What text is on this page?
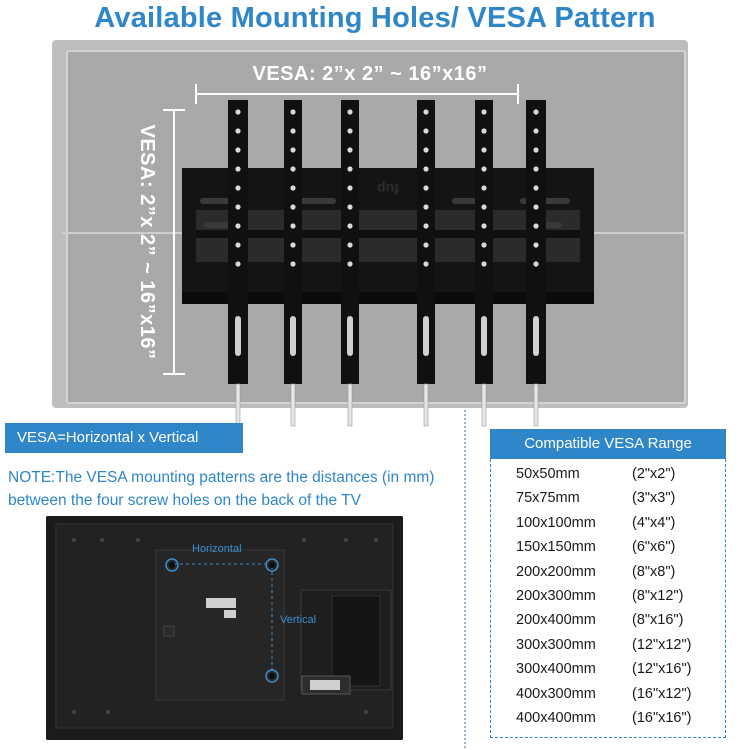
Available Mounting Holes/ VESA Pattern
fup
VESA: 2”x 2” ~ 16”x16”
VESA: 2”x 2” ~ 16”x16”
VESA=Horizontal x Vertical
NOTE:The VESA mounting patterns are the distances (in mm) between the four screw holes on the back of the TV
Horizontal
Vertical
Compatible VESA Range
50x50mm	(2"x2")
75x75mm	(3"x3")
100x100mm (4"x4")
150x150mm (6"x6")
200x200mm (8"x8")
200x300mm (8"x12")
200x400mm (8"x16")
300x300mm (12"x12")
300x400mm (12"x16")
400x300mm (16"x12")
400x400mm (16"x16")
